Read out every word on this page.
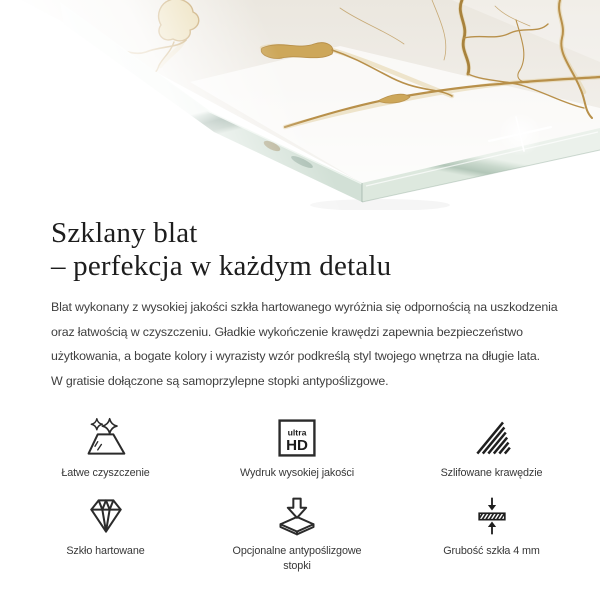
Szklany blat
– perfekcja w każdym detalu
Blat wykonany z wysokiej jakości szkła hartowanego wyróżnia się odpornością na uszkodzenia
oraz łatwością w czyszczeniu. Gładkie wykończenie krawędzi zapewnia bezpieczeństwo
użytkowania, a bogate kolory i wyrazisty wzór podkreślą styl twojego wnętrza na długie lata.
W gratisie dołączone są samoprzylepne stopki antypoślizgowe.
Łatwe czyszczenie
ultra
HD
Wydruk wysokiej jakości	Szlifowane krawędzie
Szkło hartowane	Opcjonalne antypoślizgowe stopki
Grubość szkła 4 mm
